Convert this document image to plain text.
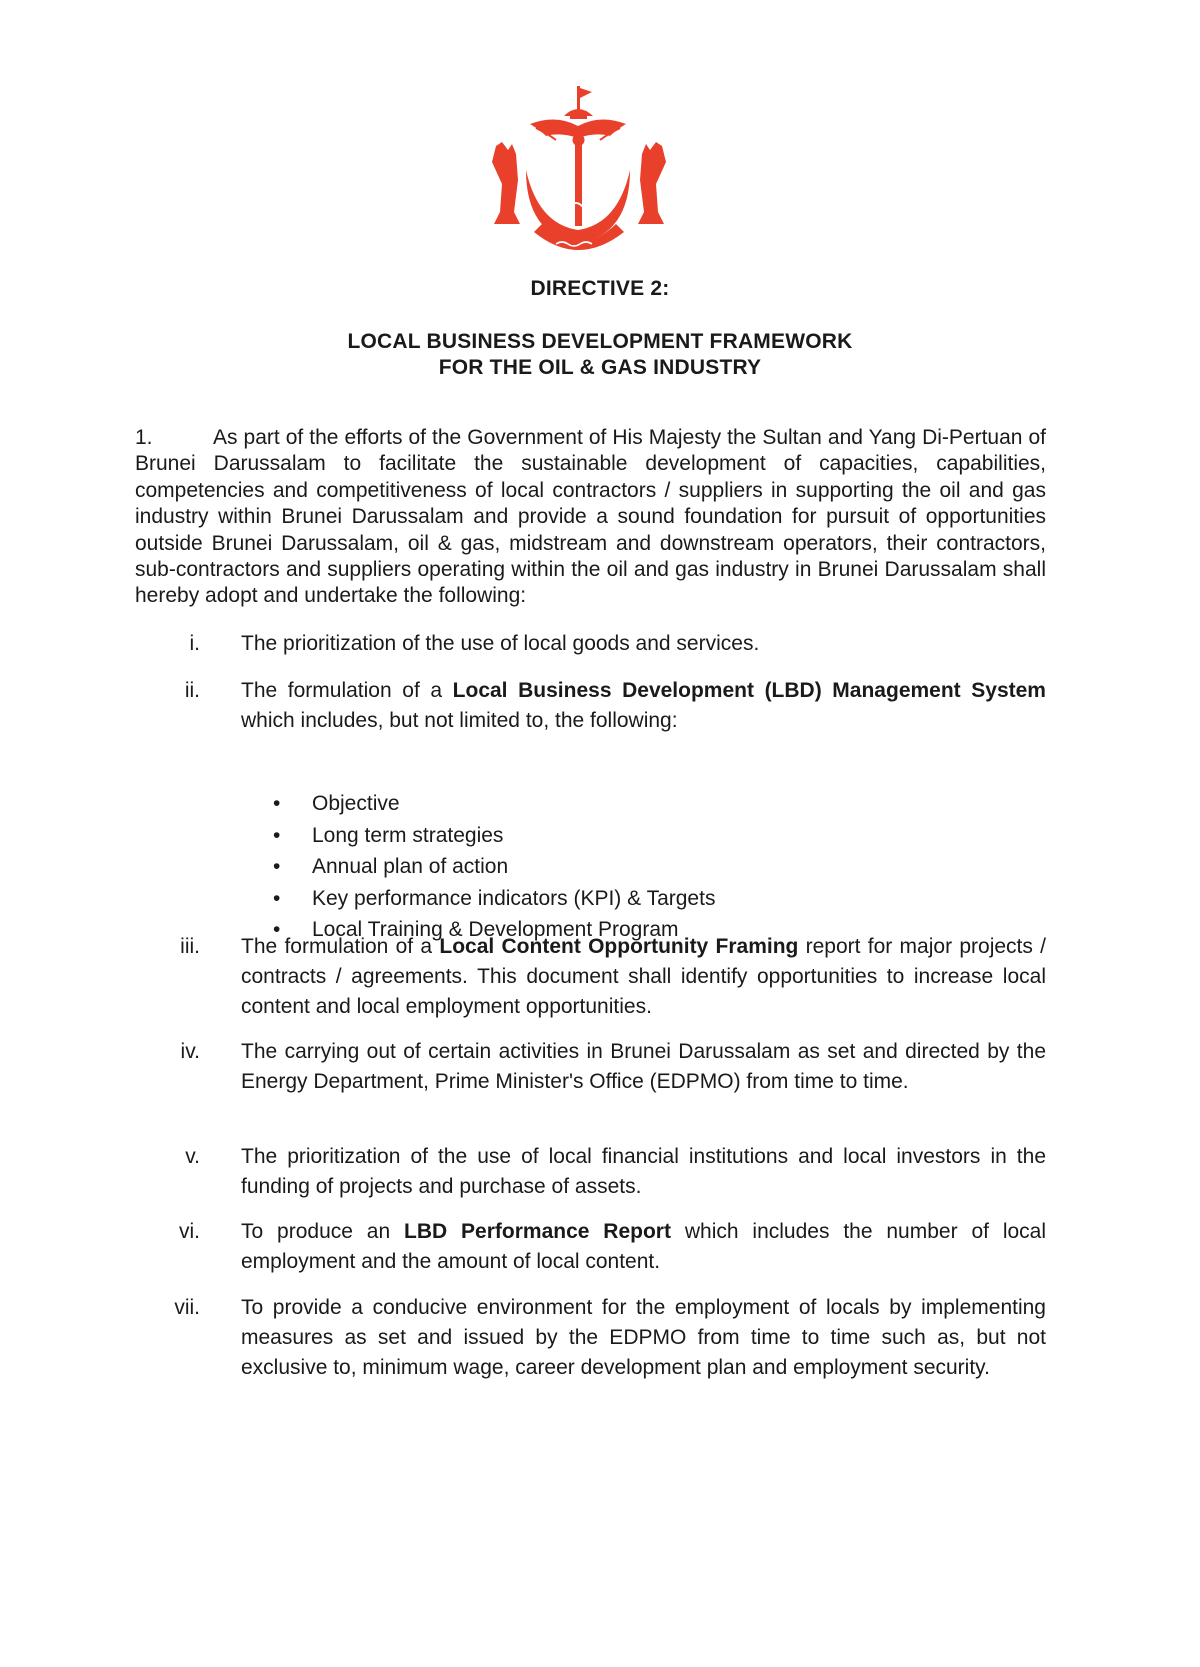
DIRECTIVE 2:
LOCAL BUSINESS DEVELOPMENT FRAMEWORK
FOR THE OIL & GAS INDUSTRY
1.	As part of the efforts of the Government of His Majesty the Sultan and Yang Di-Pertuan of Brunei Darussalam to facilitate the sustainable development of capacities, capabilities, competencies and competitiveness of local contractors / suppliers in supporting the oil and gas industry within Brunei Darussalam and provide a sound foundation for pursuit of opportunities outside Brunei Darussalam, oil & gas, midstream and downstream operators, their contractors, sub-contractors and suppliers operating within the oil and gas industry in Brunei Darussalam shall hereby adopt and undertake the following:
i. The prioritization of the use of local goods and services.
ii. The formulation of a Local Business Development (LBD) Management System which includes, but not limited to, the following:
• Objective
• Long term strategies
• Annual plan of action
• Key performance indicators (KPI) & Targets
• Local Training & Development Program
iii. The formulation of a Local Content Opportunity Framing report for major projects / contracts / agreements. This document shall identify opportunities to increase local content and local employment opportunities.
iv. The carrying out of certain activities in Brunei Darussalam as set and directed by the Energy Department, Prime Minister's Office (EDPMO) from time to time.
v. The prioritization of the use of local financial institutions and local investors in the funding of projects and purchase of assets.
vi. To produce an LBD Performance Report which includes the number of local employment and the amount of local content.
vii. To provide a conducive environment for the employment of locals by implementing measures as set and issued by the EDPMO from time to time such as, but not exclusive to, minimum wage, career development plan and employment security.
